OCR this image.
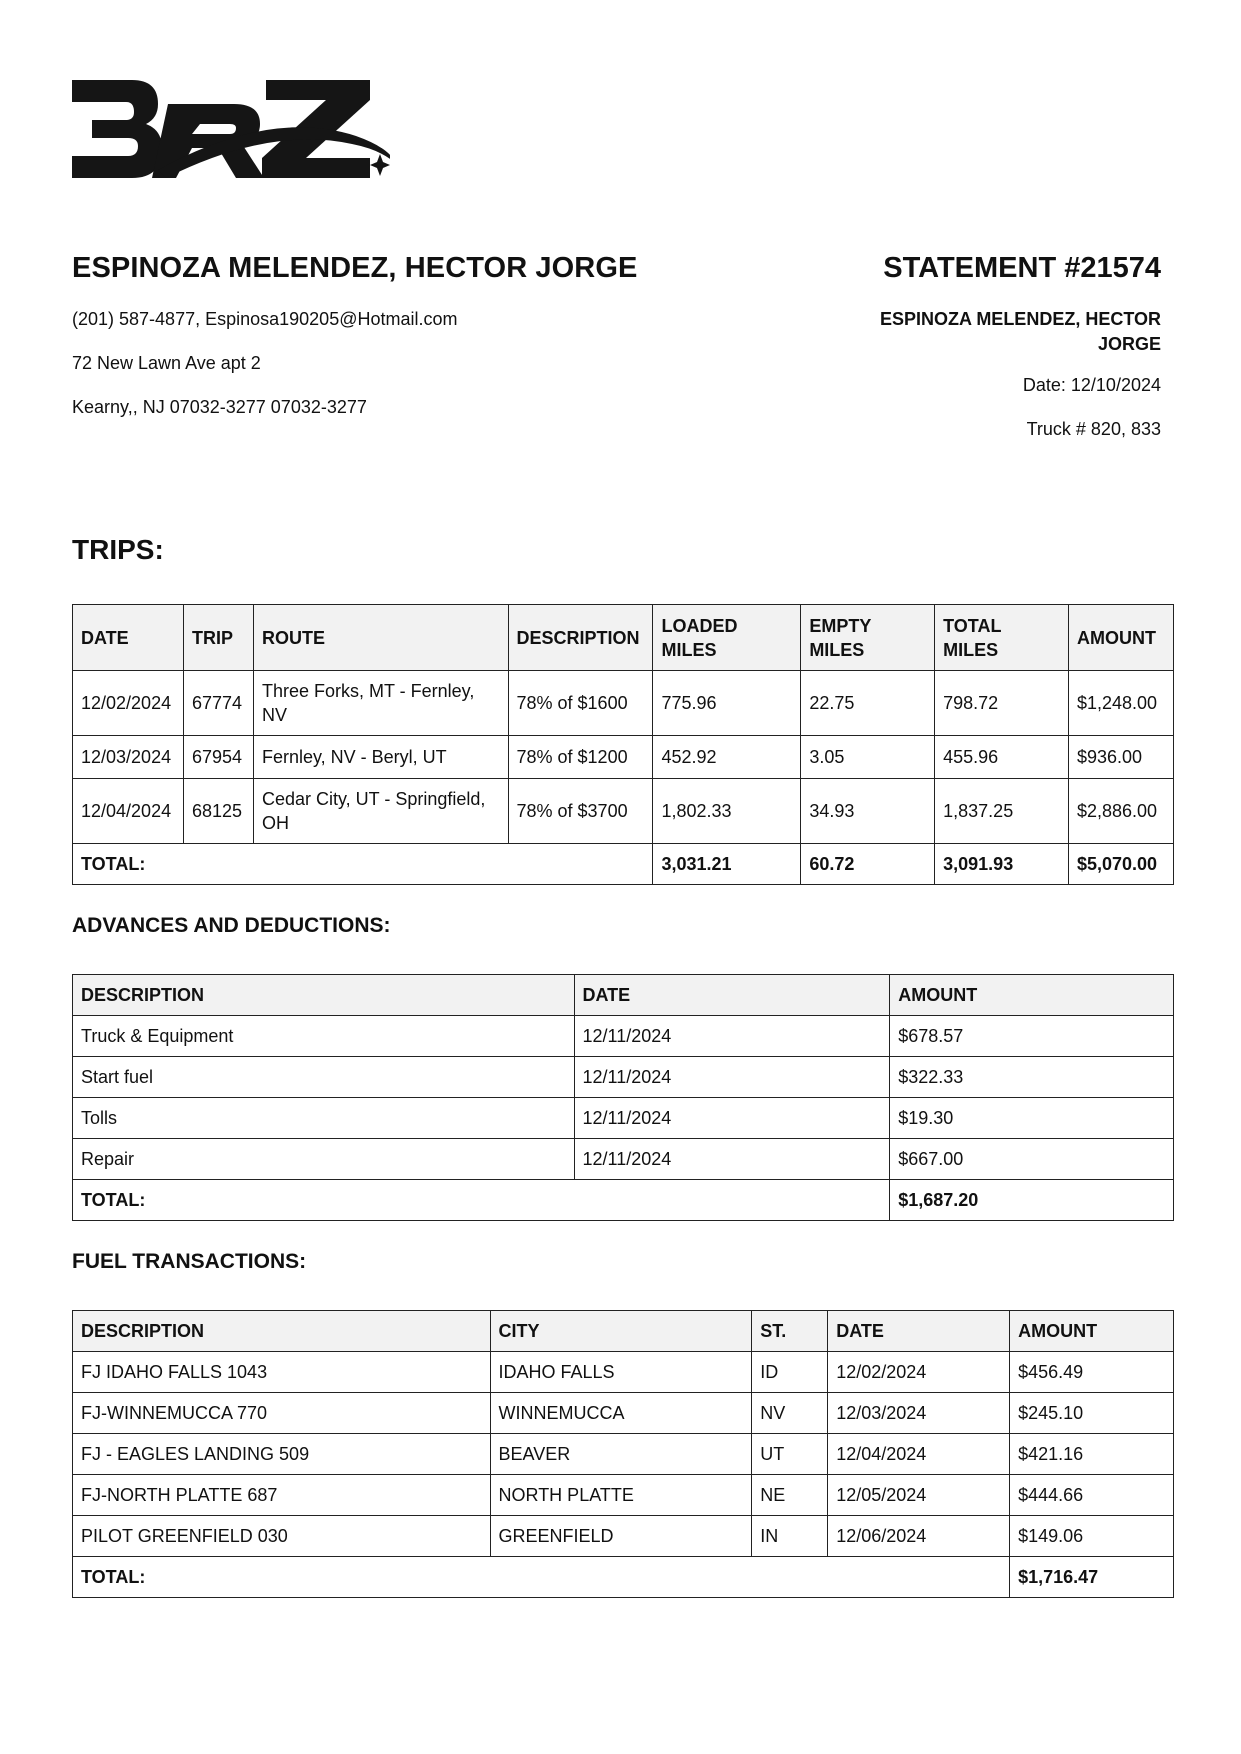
ESPINOZA MELENDEZ, HECTOR JORGE
(201) 587-4877, Espinosa190205@Hotmail.com
72 New Lawn Ave apt 2
Kearny,, NJ 07032-3277 07032-3277
STATEMENT #21574
ESPINOZA MELENDEZ, HECTOR
JORGE
Date: 12/10/2024
Truck # 820, 833
TRIPS:
DATE	TRIP	ROUTE	DESCRIPTION	LOADED MILES	EMPTY MILES	TOTAL MILES	AMOUNT
12/02/2024	67774	Three Forks, MT - Fernley, NV	78% of $1600	775.96	22.75	798.72	$1,248.00
12/03/2024	67954	Fernley, NV - Beryl, UT	78% of $1200	452.92	3.05	455.96	$936.00
12/04/2024	68125	Cedar City, UT - Springfield, OH	78% of $3700	1,802.33	34.93	1,837.25	$2,886.00
TOTAL:				3,031.21	60.72	3,091.93	$5,070.00
ADVANCES AND DEDUCTIONS:
DESCRIPTION	DATE	AMOUNT
Truck & Equipment	12/11/2024	$678.57
Start fuel	12/11/2024	$322.33
Tolls	12/11/2024	$19.30
Repair	12/11/2024	$667.00
TOTAL:		$1,687.20
FUEL TRANSACTIONS:
DESCRIPTION	CITY	ST.	DATE	AMOUNT
FJ IDAHO FALLS 1043	IDAHO FALLS	ID	12/02/2024	$456.49
FJ-WINNEMUCCA 770	WINNEMUCCA	NV	12/03/2024	$245.10
FJ - EAGLES LANDING 509	BEAVER	UT	12/04/2024	$421.16
FJ-NORTH PLATTE 687	NORTH PLATTE	NE	12/05/2024	$444.66
PILOT GREENFIELD 030	GREENFIELD	IN	12/06/2024	$149.06
TOTAL:				$1,716.47
